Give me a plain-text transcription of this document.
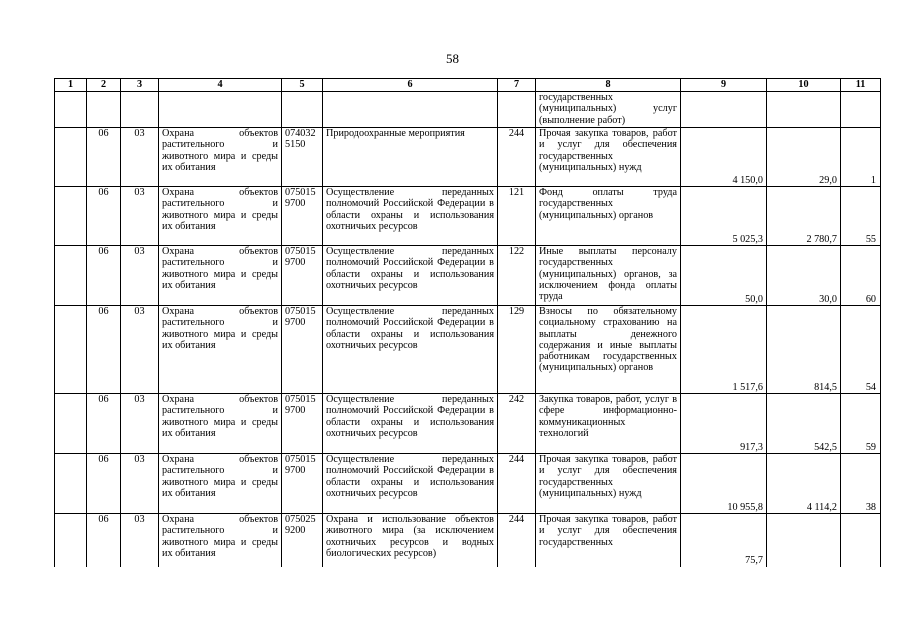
58
1	2	3	4	5	6	7	8	9	10	11
							государственных (муниципальных) услуг (выполнение работ)			
	06	03	Охрана объектов растительного и животного мира и среды их обитания	074032 5150	Природоохранные мероприятия	244	Прочая закупка товаров, работ и услуг для обеспечения государственных (муниципальных) нужд	4 150,0	29,0	1
	06	03	Охрана объектов растительного и животного мира и среды их обитания	075015 9700	Осуществление переданных полномочий Российской Федерации в области охраны и использования охотничьих ресурсов	121	Фонд оплаты труда государственных (муниципальных) органов	5 025,3	2 780,7	55
	06	03	Охрана объектов растительного и животного мира и среды их обитания	075015 9700	Осуществление переданных полномочий Российской Федерации в области охраны и использования охотничьих ресурсов	122	Иные выплаты персоналу государственных (муниципальных) органов, за исключением фонда оплаты труда	50,0	30,0	60
	06	03	Охрана объектов растительного и животного мира и среды их обитания	075015 9700	Осуществление переданных полномочий Российской Федерации в области охраны и использования охотничьих ресурсов	129	Взносы по обязательному социальному страхованию на выплаты денежного содержания и иные выплаты работникам государственных (муниципальных) органов	1 517,6	814,5	54
	06	03	Охрана объектов растительного и животного мира и среды их обитания	075015 9700	Осуществление переданных полномочий Российской Федерации в области охраны и использования охотничьих ресурсов	242	Закупка товаров, работ, услуг в сфере информационно-коммуникационных технологий	917,3	542,5	59
	06	03	Охрана объектов растительного и животного мира и среды их обитания	075015 9700	Осуществление переданных полномочий Российской Федерации в области охраны и использования охотничьих ресурсов	244	Прочая закупка товаров, работ и услуг для обеспечения государственных (муниципальных) нужд	10 955,8	4 114,2	38
	06	03	Охрана объектов растительного и животного мира и среды их обитания	075025 9200	Охрана и использование объектов животного мира (за исключением охотничьих ресурсов и водных биологических ресурсов)	244	Прочая закупка товаров, работ и услуг для обеспечения государственных	75,7		
